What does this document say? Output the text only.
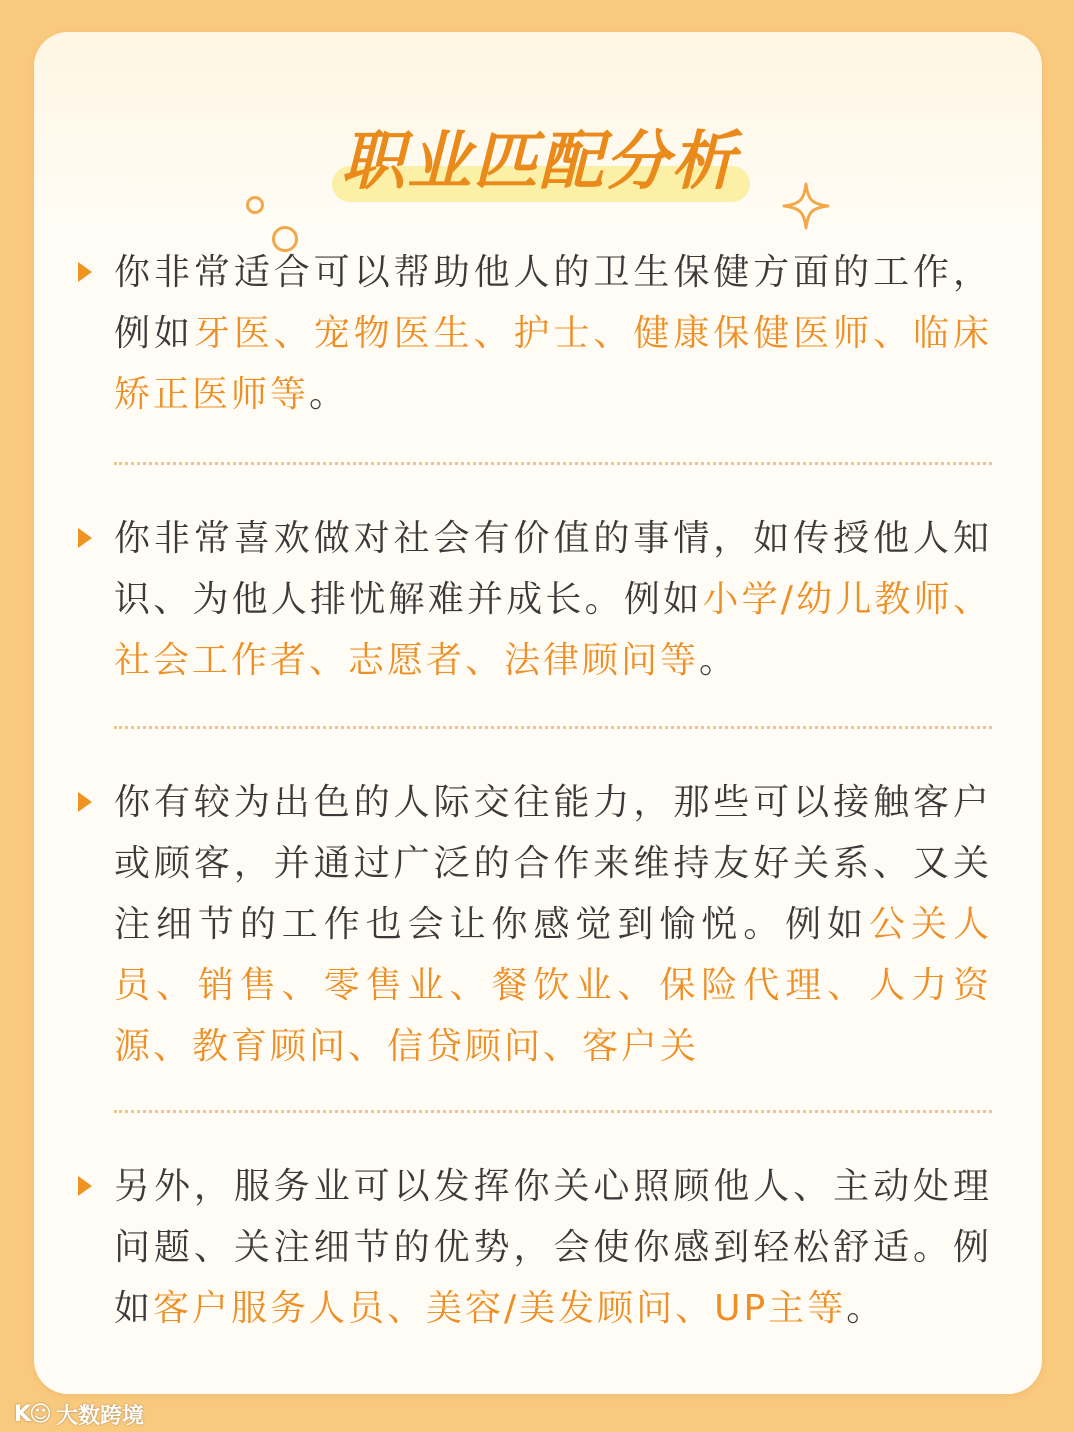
职业匹配分析

你非常适合可以帮助他人的卫生保健方面的工作，例如牙医、宠物医生、护士、健康保健医师、临床矫正医师等。

你非常喜欢做对社会有价值的事情，如传授他人知识、为他人排忧解难并成长。例如小学/幼儿教师、社会工作者、志愿者、法律顾问等。

你有较为出色的人际交往能力，那些可以接触客户或顾客，并通过广泛的合作来维持友好关系、又关注细节的工作也会让你感觉到愉悦。例如公关人员、销售、零售业、餐饮业、保险代理、人力资源、教育顾问、信贷顾问、客户关

另外，服务业可以发挥你关心照顾他人、主动处理问题、关注细节的优势，会使你感到轻松舒适。例如客户服务人员、美容/美发顾问、UP主等。

K☺ 大数跨境
